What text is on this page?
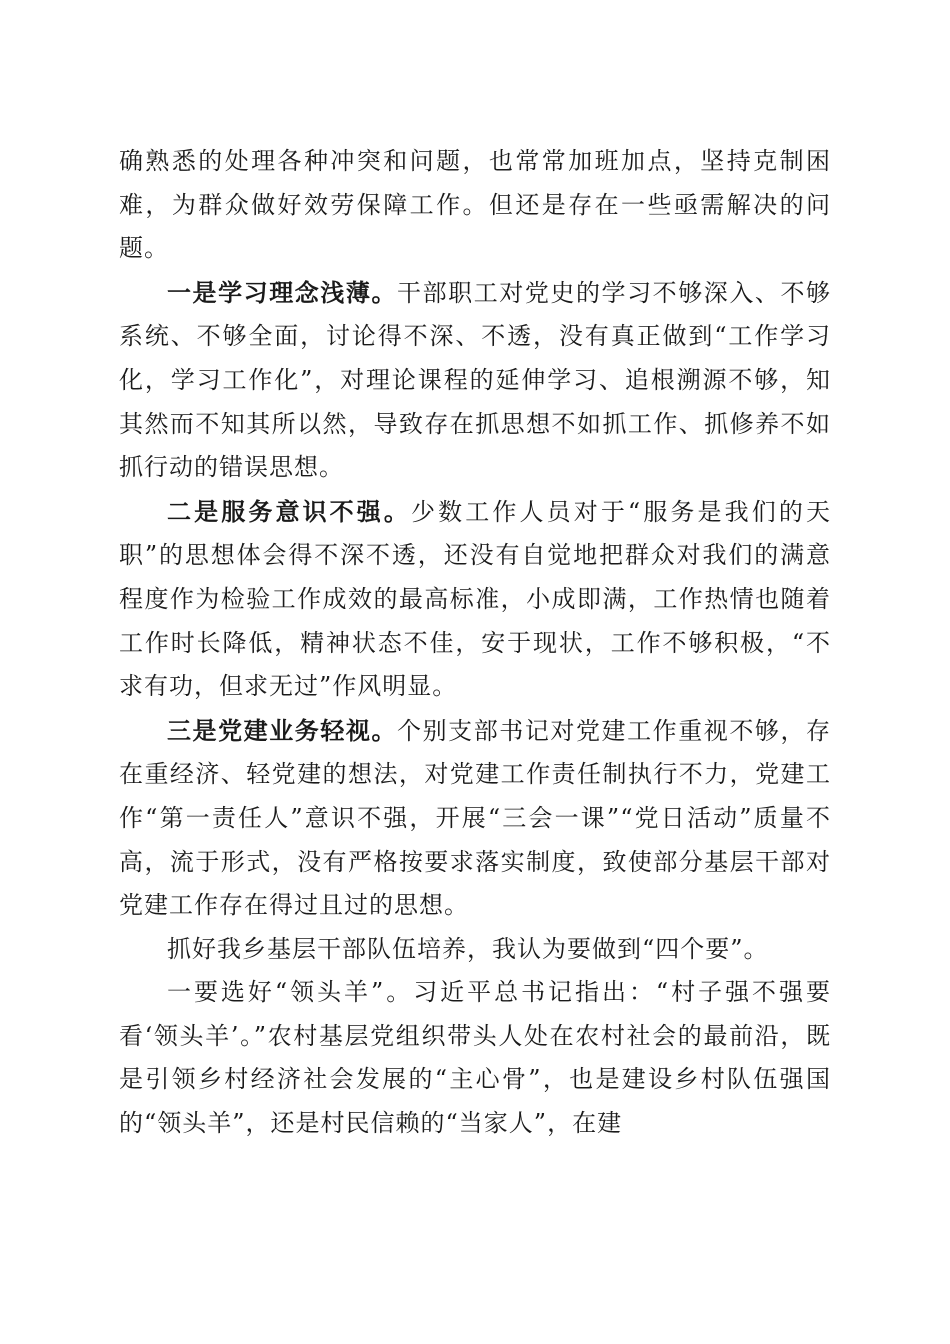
确熟悉的处理各种冲突和问题，也常常加班加点，坚持克制困难，为群众做好效劳保障工作。但还是存在一些亟需解决的问题。

一是学习理念浅薄。干部职工对党史的学习不够深入、不够系统、不够全面，讨论得不深、不透，没有真正做到“工作学习化，学习工作化”，对理论课程的延伸学习、追根溯源不够，知其然而不知其所以然，导致存在抓思想不如抓工作、抓修养不如抓行动的错误思想。

二是服务意识不强。少数工作人员对于“服务是我们的天职”的思想体会得不深不透，还没有自觉地把群众对我们的满意程度作为检验工作成效的最高标准，小成即满，工作热情也随着工作时长降低，精神状态不佳，安于现状，工作不够积极，“不求有功，但求无过”作风明显。

三是党建业务轻视。个别支部书记对党建工作重视不够，存在重经济、轻党建的想法，对党建工作责任制执行不力，党建工作“第一责任人”意识不强，开展“三会一课”“党日活动”质量不高，流于形式，没有严格按要求落实制度，致使部分基层干部对党建工作存在得过且过的思想。

抓好我乡基层干部队伍培养，我认为要做到“四个要”。

一要选好“领头羊”。习近平总书记指出：“村子强不强要看‘领头羊’。”农村基层党组织带头人处在农村社会的最前沿，既是引领乡村经济社会发展的“主心骨”，也是建设乡村队伍强国的“领头羊”，还是村民信赖的“当家人”，在建
